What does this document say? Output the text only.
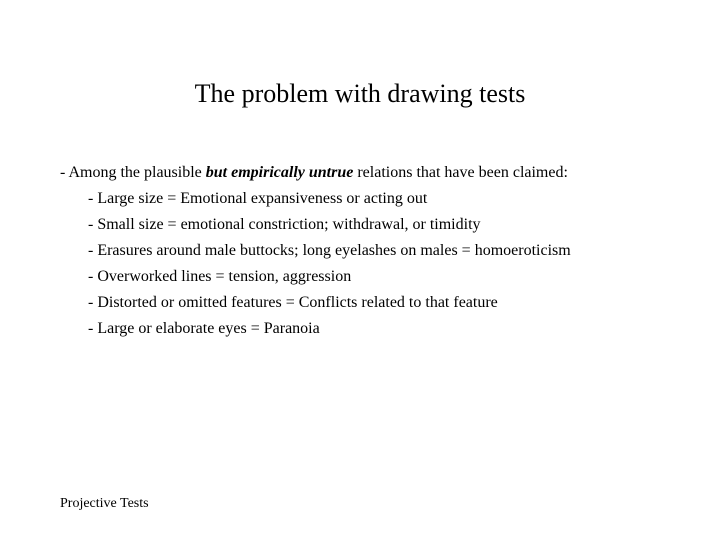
The problem with drawing tests
- Among the plausible but empirically untrue relations that have been claimed:
- Large size = Emotional expansiveness or acting out
- Small size = emotional constriction; withdrawal, or timidity
- Erasures around male buttocks; long eyelashes on males = homoeroticism
- Overworked lines = tension, aggression
- Distorted or omitted features = Conflicts related to that feature
- Large or elaborate eyes = Paranoia
Projective Tests
